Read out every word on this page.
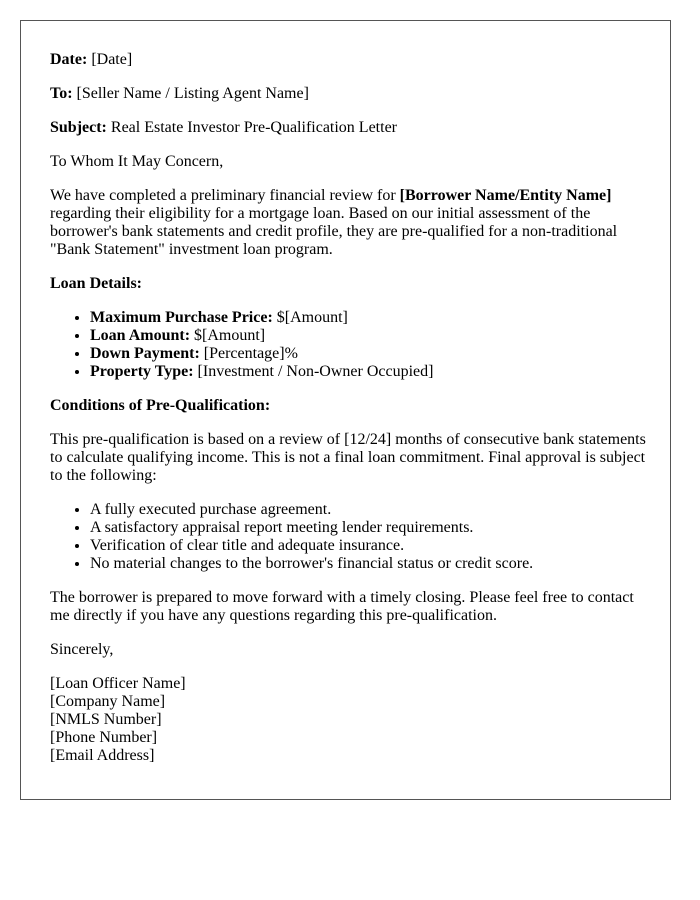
Date: [Date]

To: [Seller Name / Listing Agent Name]

Subject: Real Estate Investor Pre-Qualification Letter

To Whom It May Concern,

We have completed a preliminary financial review for [Borrower Name/Entity Name] regarding their eligibility for a mortgage loan. Based on our initial assessment of the borrower's bank statements and credit profile, they are pre-qualified for a non-traditional "Bank Statement" investment loan program.

Loan Details:

• Maximum Purchase Price: $[Amount]
• Loan Amount: $[Amount]
• Down Payment: [Percentage]%
• Property Type: [Investment / Non-Owner Occupied]

Conditions of Pre-Qualification:

This pre-qualification is based on a review of [12/24] months of consecutive bank statements to calculate qualifying income. This is not a final loan commitment. Final approval is subject to the following:

• A fully executed purchase agreement.
• A satisfactory appraisal report meeting lender requirements.
• Verification of clear title and adequate insurance.
• No material changes to the borrower's financial status or credit score.

The borrower is prepared to move forward with a timely closing. Please feel free to contact me directly if you have any questions regarding this pre-qualification.

Sincerely,

[Loan Officer Name]
[Company Name]
[NMLS Number]
[Phone Number]
[Email Address]
